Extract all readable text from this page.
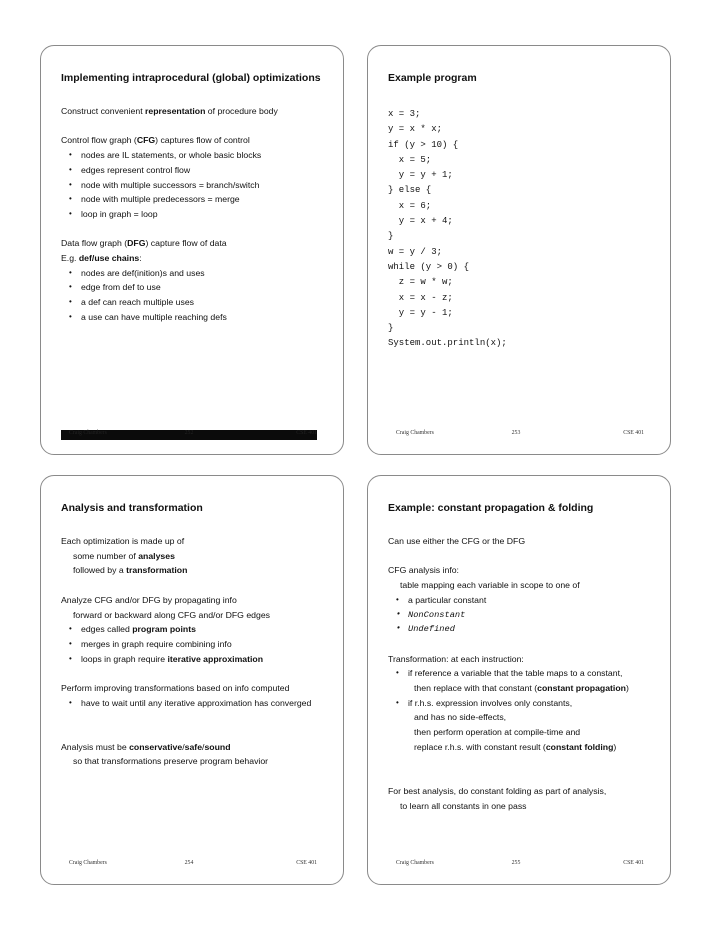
Implementing intraprocedural (global) optimizations

Construct convenient representation of procedure body

Control flow graph (CFG) captures flow of control

• nodes are IL statements, or whole basic blocks

• edges represent control flow

• node with multiple successors = branch/switch

• node with multiple predecessors = merge

• loop in graph = loop

Data flow graph (DFG) capture flow of data

E.g. def/use chains:

• nodes are def(inition)s and uses

• edge from def to use

• a def can reach multiple uses

• a use can have multiple reaching defs

Craig Chambers	252	CSE 401
Example program

x = 3;

y = x * x;

if (y > 10) {

x = 5;

y = y + 1;

} else {

x = 6;

y = x + 4;

}

w = y / 3;

while (y > 0) {

z = w * w;

x = x - z;

y = y - 1;

}

System.out.println(x);

Craig Chambers	253	CSE 401
Analysis and transformation

Each optimization is made up of

some number of analyses

followed by a transformation

Analyze CFG and/or DFG by propagating info

forward or backward along CFG and/or DFG edges

• edges called program points

• merges in graph require combining info

• loops in graph require iterative approximation

Perform improving transformations based on info computed

• have to wait until any iterative approximation has converged

Analysis must be conservative/safe/sound

so that transformations preserve program behavior

Craig Chambers	254	CSE 401
Example: constant propagation & folding

Can use either the CFG or the DFG

CFG analysis info:

table mapping each variable in scope to one of

• a particular constant

• NonConstant

• Undefined

Transformation: at each instruction:

• if reference a variable that the table maps to a constant,

then replace with that constant (constant propagation)

• if r.h.s. expression involves only constants,

and has no side-effects,

then perform operation at compile-time and

replace r.h.s. with constant result (constant folding)

For best analysis, do constant folding as part of analysis,

to learn all constants in one pass

Craig Chambers	255	CSE 401
